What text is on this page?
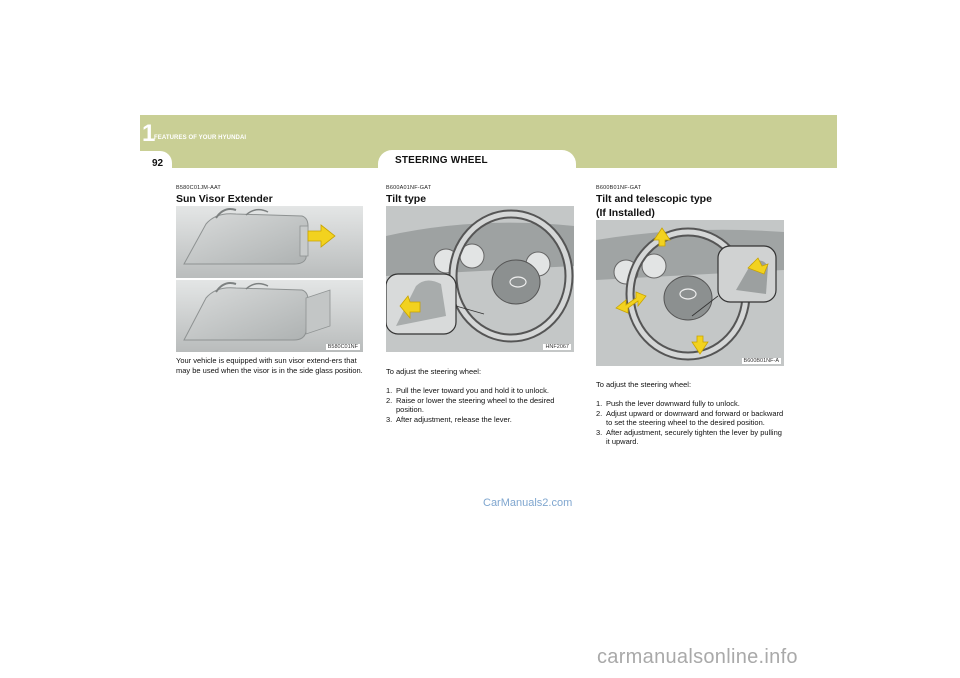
1
FEATURES OF YOUR HYUNDAI
92	STEERING WHEEL
B580C01JM-AAT
Sun Visor Extender
B580C01NF
Your vehicle is equipped with sun visor extend-ers that may be used when the visor is in the side glass position.
B600A01NF-GAT
Tilt type
HNF2067
To adjust the steering wheel:
1. Pull the lever toward you and hold it to unlock.
2. Raise or lower the steering wheel to the desired position.
3. After adjustment, release the lever.
B600B01NF-GAT
Tilt and telescopic type
(If Installed)
B600B01NF-A
To adjust the steering wheel:
1. Push the lever downward fully to unlock.
2. Adjust upward or downward and forward or backward to set the steering wheel to the desired position.
3. After adjustment, securely tighten the lever by pulling it upward.
CarManuals2.com
carmanualsonline.info
